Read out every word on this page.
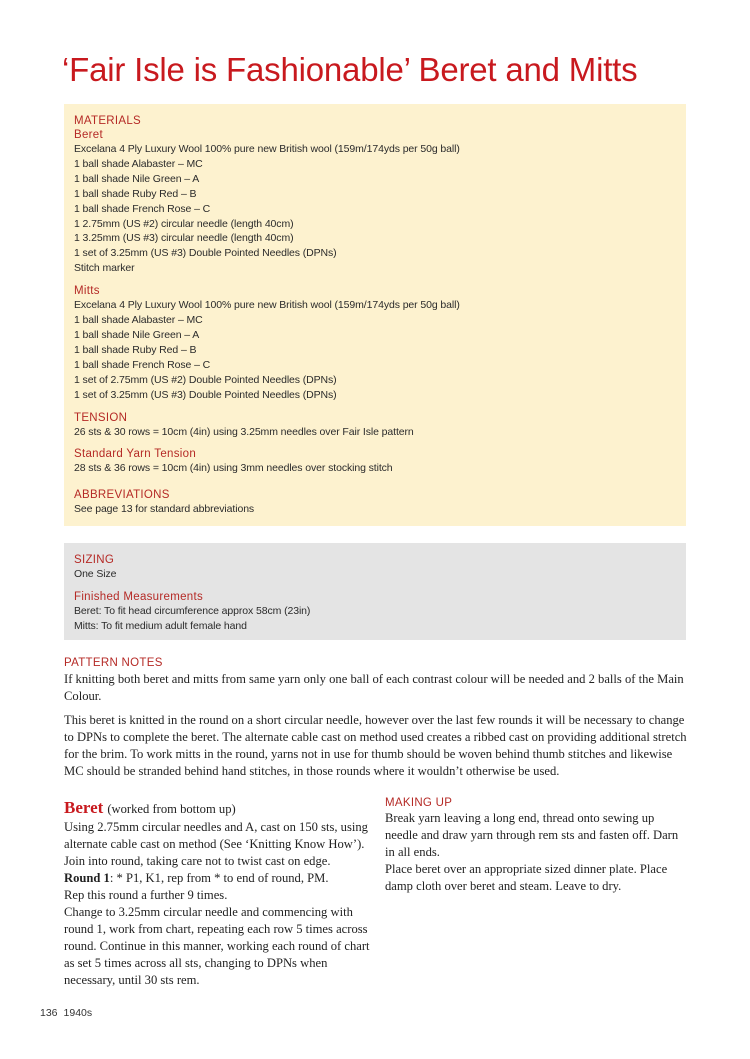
‘Fair Isle is Fashionable’ Beret and Mitts
MATERIALS
Beret
Excelana 4 Ply Luxury Wool 100% pure new British wool (159m/174yds per 50g ball)
1 ball shade Alabaster – MC
1 ball shade Nile Green – A
1 ball shade Ruby Red – B
1 ball shade French Rose – C
1 2.75mm (US #2) circular needle (length 40cm)
1 3.25mm (US #3) circular needle (length 40cm)
1 set of 3.25mm (US #3) Double Pointed Needles (DPNs)
Stitch marker
Mitts
Excelana 4 Ply Luxury Wool 100% pure new British wool (159m/174yds per 50g ball)
1 ball shade Alabaster – MC
1 ball shade Nile Green – A
1 ball shade Ruby Red – B
1 ball shade French Rose – C
1 set of 2.75mm (US #2) Double Pointed Needles (DPNs)
1 set of 3.25mm (US #3) Double Pointed Needles (DPNs)
TENSION
26 sts & 30 rows = 10cm (4in) using 3.25mm needles over Fair Isle pattern
Standard Yarn Tension
28 sts & 36 rows = 10cm (4in) using 3mm needles over stocking stitch
ABBREVIATIONS
See page 13 for standard abbreviations
SIZING
One Size
Finished Measurements
Beret: To fit head circumference approx 58cm (23in)
Mitts: To fit medium adult female hand
PATTERN NOTES

If knitting both beret and mitts from same yarn only one ball of each contrast colour will be needed and 2 balls of the Main Colour.

This beret is knitted in the round on a short circular needle, however over the last few rounds it will be necessary to change to DPNs to complete the beret. The alternate cable cast on method used creates a ribbed cast on providing additional stretch for the brim. To work mitts in the round, yarns not in use for thumb should be woven behind thumb stitches and likewise MC should be stranded behind hand stitches, in those rounds where it wouldn’t otherwise be used.

Beret (worked from bottom up)
Using 2.75mm circular needles and A, cast on 150 sts, using alternate cable cast on method (See ‘Knitting Know How’). Join into round, taking care not to twist cast on edge.
Round 1: * P1, K1, rep from * to end of round, PM.
Rep this round a further 9 times.
Change to 3.25mm circular needle and commencing with round 1, work from chart, repeating each row 5 times across round. Continue in this manner, working each round of chart as set 5 times across all sts, changing to DPNs when necessary, until 30 sts rem.
MAKING UP
Break yarn leaving a long end, thread onto sewing up needle and draw yarn through rem sts and fasten off. Darn in all ends.
Place beret over an appropriate sized dinner plate. Place damp cloth over beret and steam. Leave to dry.
136 1940s
